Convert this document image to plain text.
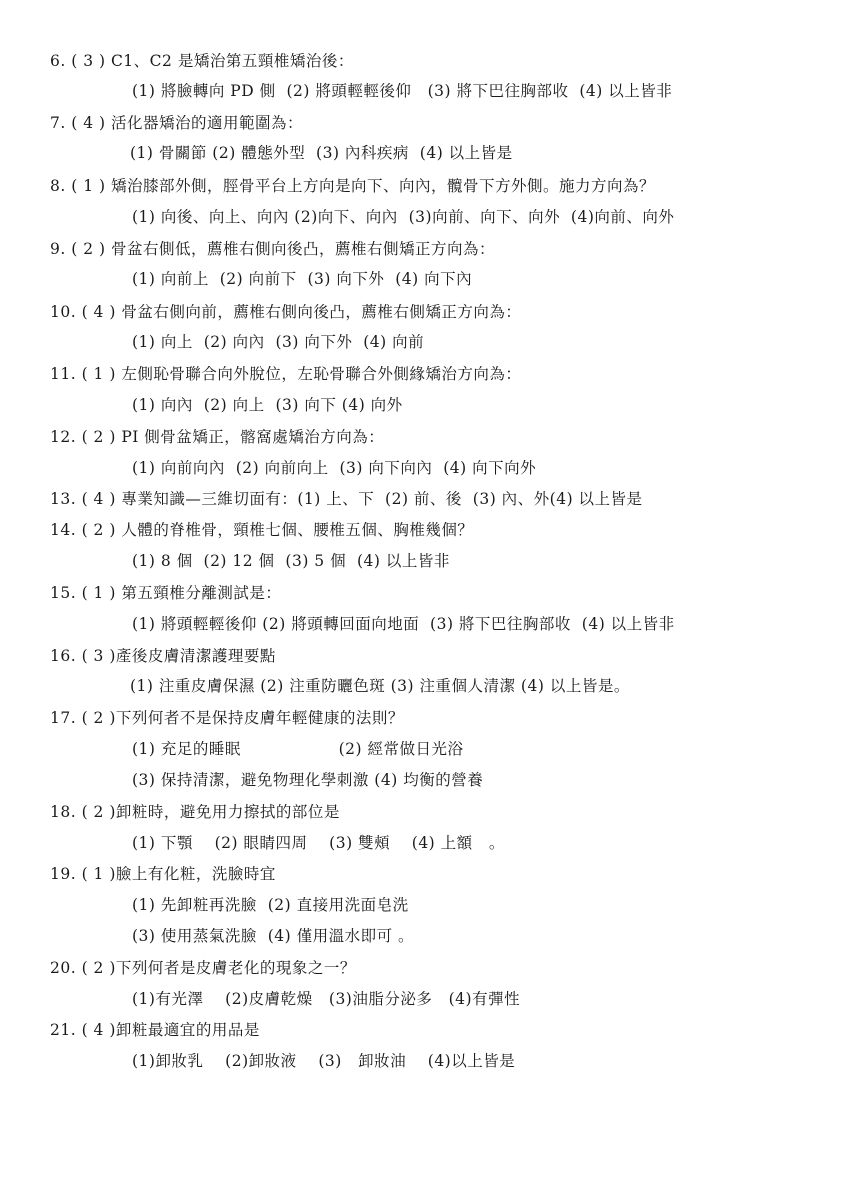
6. ( 3 ) C1、C2 是矯治第五頸椎矯治後：
(1) 將臉轉向 PD 側  (2) 將頭輕輕後仰   (3) 將下巴往胸部收  (4) 以上皆非
7. ( 4 ) 活化器矯治的適用範圍為：
(1) 骨關節 (2) 體態外型  (3) 內科疾病  (4) 以上皆是
8. ( 1 ) 矯治膝部外側，脛骨平台上方向是向下、向內，髖骨下方外側。施力方向為？
(1) 向後、向上、向內 (2)向下、向內  (3)向前、向下、向外  (4)向前、向外
9. ( 2 ) 骨盆右側低，薦椎右側向後凸，薦椎右側矯正方向為：
(1) 向前上  (2) 向前下  (3) 向下外  (4) 向下內
10. ( 4 ) 骨盆右側向前，薦椎右側向後凸，薦椎右側矯正方向為：
(1) 向上  (2) 向內  (3) 向下外  (4) 向前
11. ( 1 ) 左側恥骨聯合向外脫位，左恥骨聯合外側緣矯治方向為：
(1) 向內  (2) 向上  (3) 向下 (4) 向外
12. ( 2 ) PI 側骨盆矯正，髂窩處矯治方向為：
(1) 向前向內  (2) 向前向上  (3) 向下向內  (4) 向下向外
13. ( 4 ) 專業知識—三維切面有：(1) 上、下  (2) 前、後  (3) 內、外(4) 以上皆是
14. ( 2 ) 人體的脊椎骨，頸椎七個、腰椎五個、胸椎幾個？
(1) 8 個  (2) 12 個  (3) 5 個  (4) 以上皆非
15. ( 1 ) 第五頸椎分離測試是：
(1) 將頭輕輕後仰 (2) 將頭轉回面向地面  (3) 將下巴往胸部收  (4) 以上皆非
16. ( 3 )產後皮膚清潔護理要點
(1) 注重皮膚保濕 (2) 注重防曬色斑 (3) 注重個人清潔 (4) 以上皆是。
17. ( 2 )下列何者不是保持皮膚年輕健康的法則？
(1) 充足的睡眠                  (2) 經常做日光浴
(3) 保持清潔，避免物理化學刺激 (4) 均衡的營養
18. ( 2 )卸粧時，避免用力擦拭的部位是
(1) 下顎    (2) 眼睛四周    (3) 雙頰    (4) 上額   。
19. ( 1 )臉上有化粧，洗臉時宜
(1) 先卸粧再洗臉  (2) 直接用洗面皂洗
(3) 使用蒸氣洗臉  (4) 僅用溫水即可 。
20. ( 2 )下列何者是皮膚老化的現象之一？
(1)有光澤    (2)皮膚乾燥   (3)油脂分泌多   (4)有彈性
21. ( 4 )卸粧最適宜的用品是
(1)卸妝乳    (2)卸妝液    (3)   卸妝油    (4)以上皆是
